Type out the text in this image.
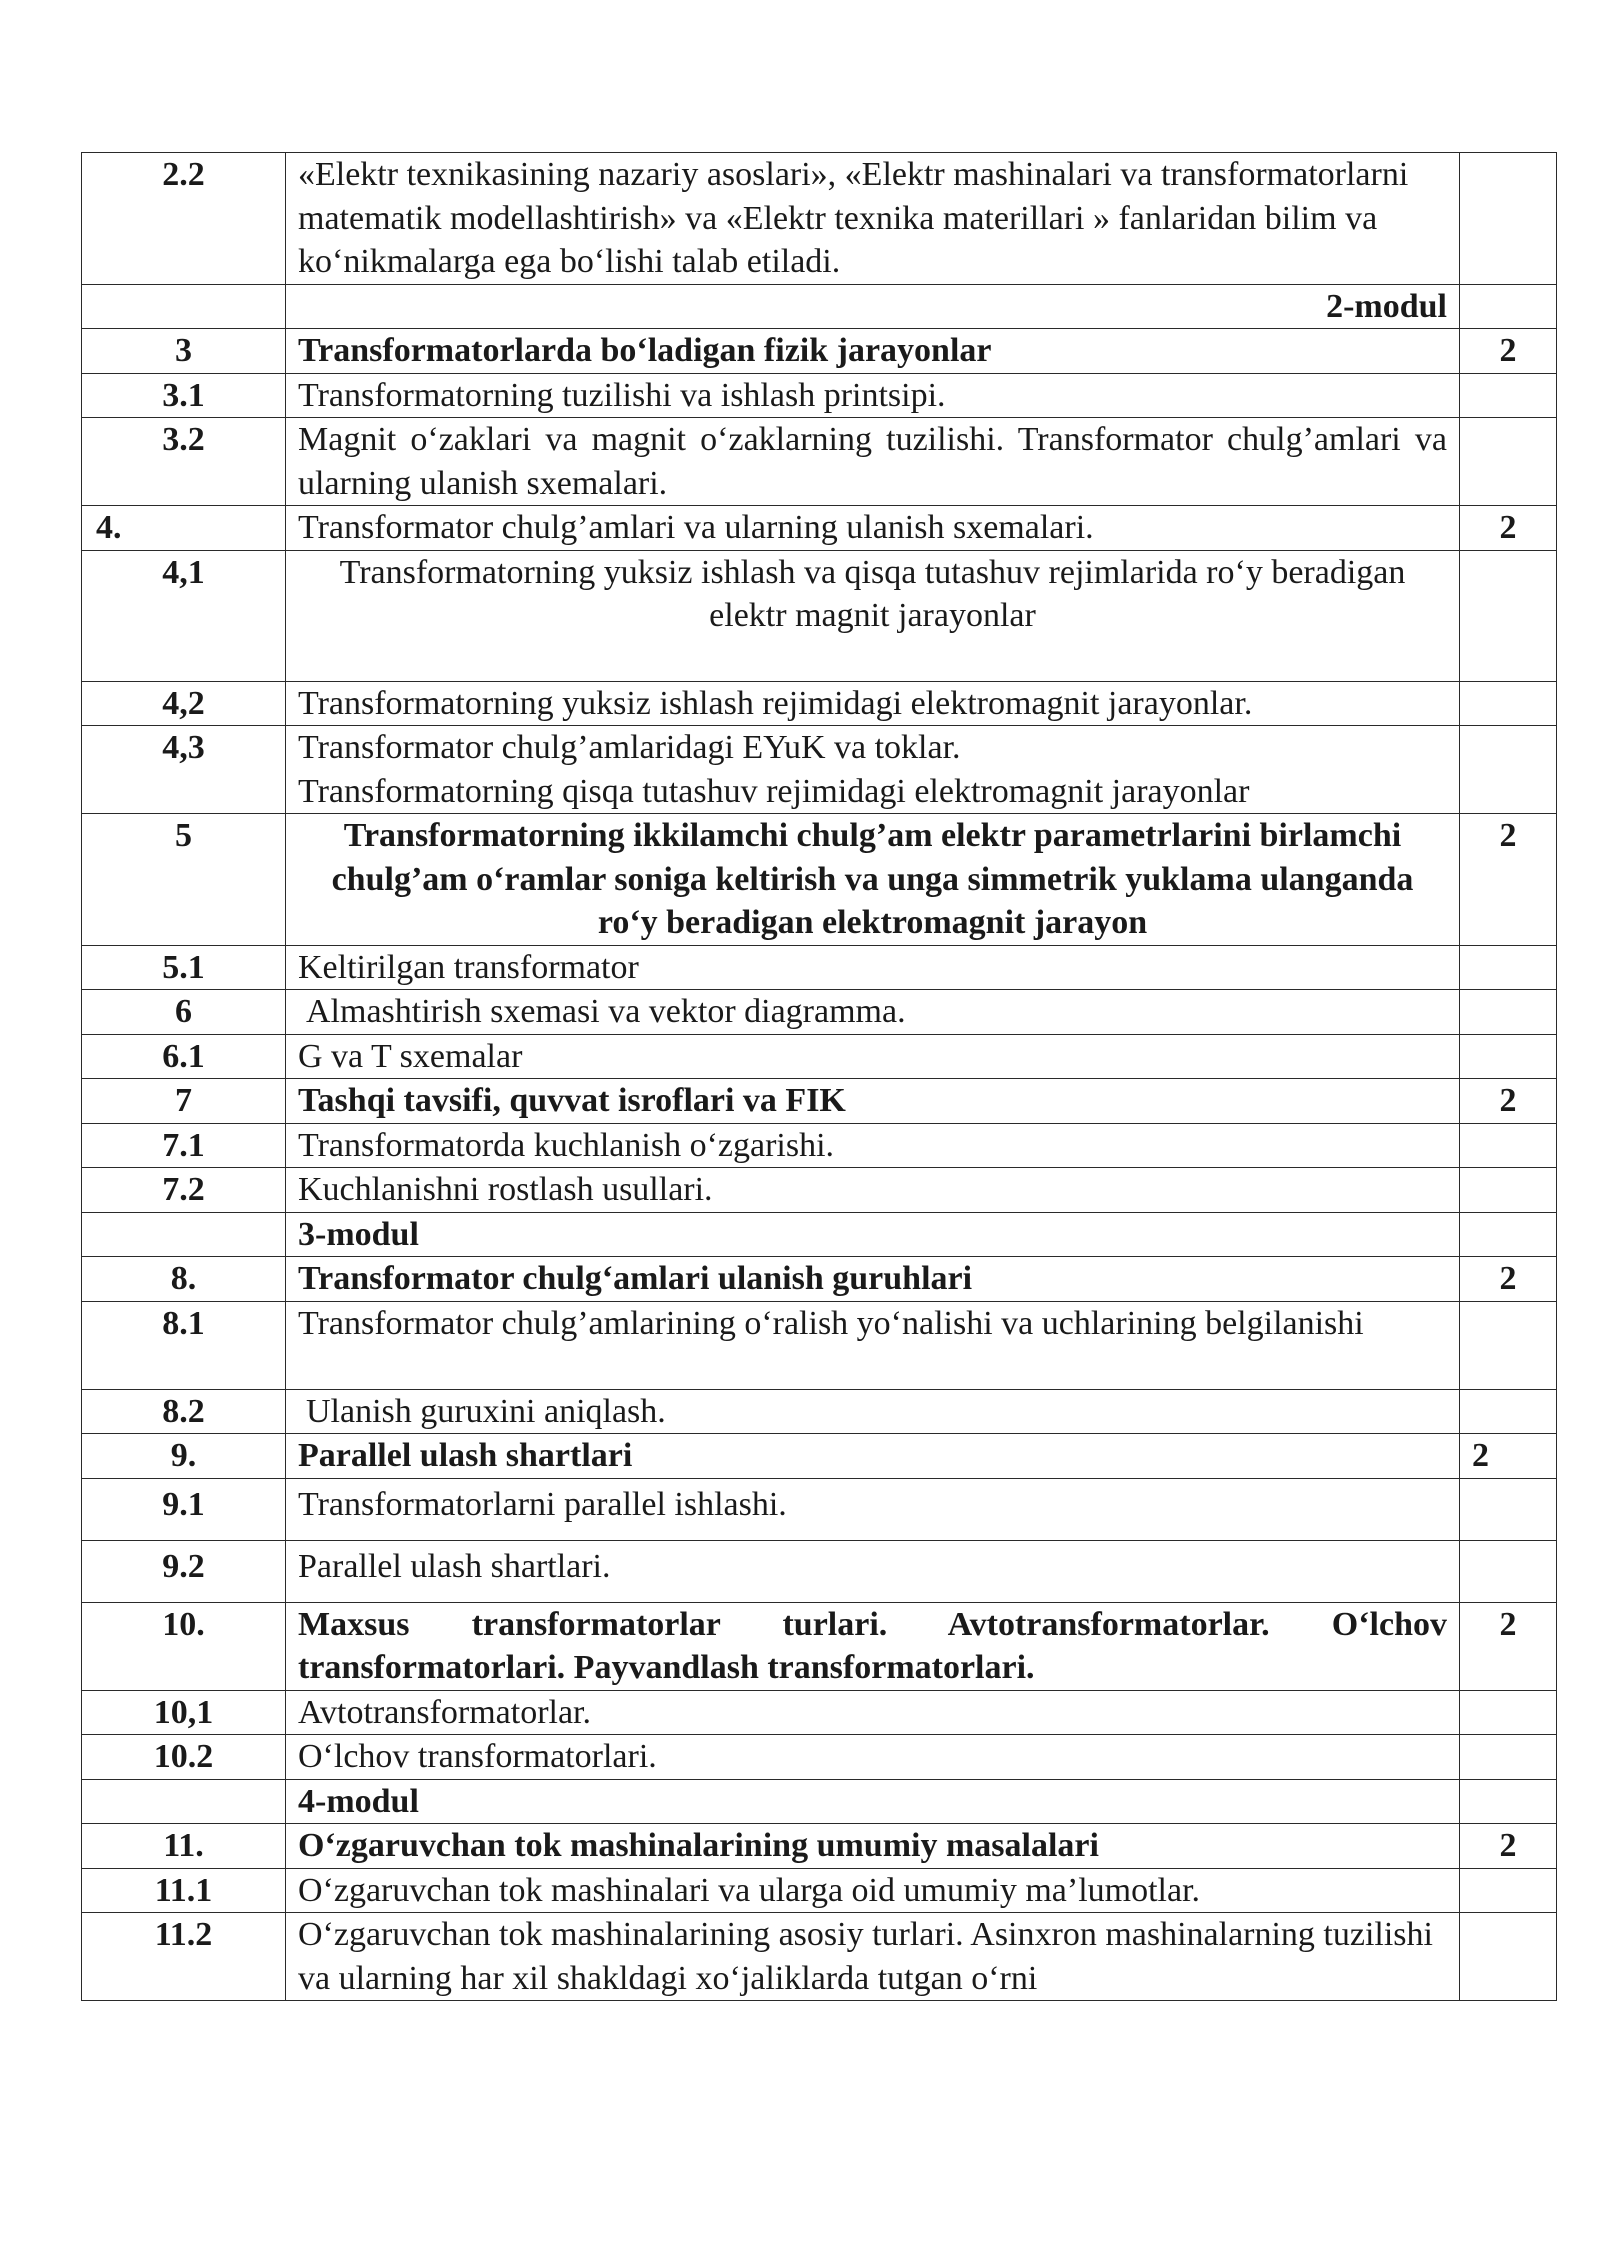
2.2	«Elektr texnikasining nazariy asoslari», «Elektr mashinalari va transformatorlarni matematik modellashtirish» va «Elektr texnika materillari » fanlaridan bilim va ko‘nikmalarga ega bo‘lishi talab etiladi.	
	2-modul	
3	Transformatorlarda bo‘ladigan fizik jarayonlar	2
3.1	Transformatorning tuzilishi va ishlash printsipi.	
3.2	Magnit o‘zaklari va magnit o‘zaklarning tuzilishi. Transformator chulg’amlari va ularning ulanish sxemalari.	
4.	Transformator chulg’amlari va ularning ulanish sxemalari.	2
4,1	Transformatorning yuksiz ishlash va qisqa tutashuv rejimlarida ro‘y beradigan elektr magnit jarayonlar	
4,2	Transformatorning yuksiz ishlash rejimidagi elektromagnit jarayonlar.	
4,3	Transformator chulg’amlaridagi EYuK va toklar.
Transformatorning qisqa tutashuv rejimidagi elektromagnit jarayonlar	

5	Transformatorning ikkilamchi chulg’am elektr parametrlarini birlamchi chulg’am o‘ramlar soniga keltirish va unga simmetrik yuklama ulanganda ro‘y beradigan elektromagnit jarayon	2
5.1	Keltirilgan transformator	
6	Almashtirish sxemasi va vektor diagramma.	
6.1	G va T sxemalar	
7	Tashqi tavsifi, quvvat isroflari va FIK	2
7.1	Transformatorda kuchlanish o‘zgarishi.	
7.2	Kuchlanishni rostlash usullari.	
	3-modul	
8.	Transformator chulg‘amlari ulanish guruhlari	2
8.1	Transformator chulg’amlarining o‘ralish yo‘nalishi va uchlarining belgilanishi	
8.2	Ulanish guruxini aniqlash.	
9.	Parallel ulash shartlari	2
9.1	Transformatorlarni parallel ishlashi.	
9.2	Parallel ulash shartlari.	
10.	Maxsus transformatorlar turlari. Avtotransformatorlar. O‘lchov transformatorlari. Payvandlash transformatorlari.	2
10,1	Avtotransformatorlar.	
10.2	O‘lchov transformatorlari.	
	4-modul	
11.	O‘zgaruvchan tok mashinalarining umumiy masalalari	2
11.1	O‘zgaruvchan tok mashinalari va ularga oid umumiy ma’lumotlar.	
11.2	O‘zgaruvchan tok mashinalarining asosiy turlari. Asinxron mashinalarning tuzilishi va ularning har xil shakldagi xo‘jaliklarda tutgan o‘rni	
